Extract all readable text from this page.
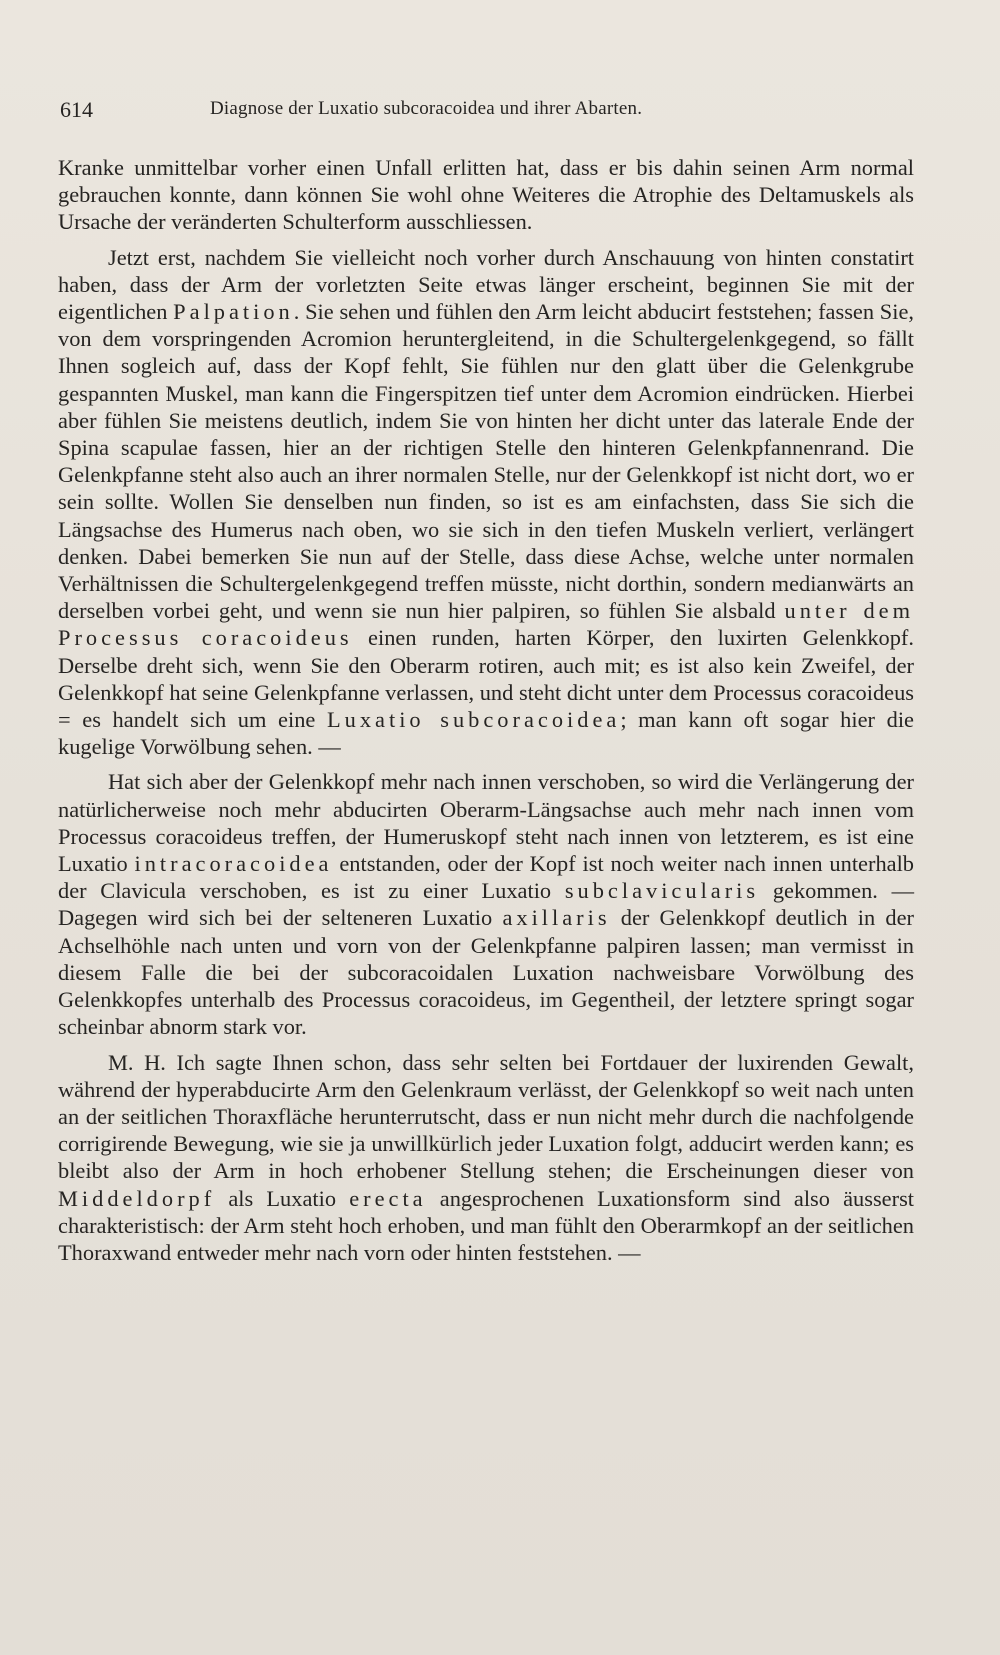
614	Diagnose der Luxatio subcoracoidea und ihrer Abarten.

Kranke unmittelbar vorher einen Unfall erlitten hat, dass er bis dahin seinen Arm normal gebrauchen konnte, dann können Sie wohl ohne Weiteres die Atrophie des Deltamuskels als Ursache der veränderten Schulterform ausschliessen.

Jetzt erst, nachdem Sie vielleicht noch vorher durch Anschauung von hinten constatirt haben, dass der Arm der vorletzten Seite etwas länger erscheint, beginnen Sie mit der eigentlichen Palpation. Sie sehen und fühlen den Arm leicht abducirt feststehen; fassen Sie, von dem vorspringenden Acromion heruntergleitend, in die Schultergelenkgegend, so fällt Ihnen sogleich auf, dass der Kopf fehlt, Sie fühlen nur den glatt über die Gelenkgrube gespannten Muskel, man kann die Fingerspitzen tief unter dem Acromion eindrücken. Hierbei aber fühlen Sie meistens deutlich, indem Sie von hinten her dicht unter das laterale Ende der Spina scapulae fassen, hier an der richtigen Stelle den hinteren Gelenkpfannenrand. Die Gelenkpfanne steht also auch an ihrer normalen Stelle, nur der Gelenkkopf ist nicht dort, wo er sein sollte. Wollen Sie denselben nun finden, so ist es am einfachsten, dass Sie sich die Längsachse des Humerus nach oben, wo sie sich in den tiefen Muskeln verliert, verlängert denken. Dabei bemerken Sie nun auf der Stelle, dass diese Achse, welche unter normalen Verhältnissen die Schultergelenkgegend treffen müsste, nicht dorthin, sondern medianwärts an derselben vorbei geht, und wenn sie nun hier palpiren, so fühlen Sie alsbald unter dem Processus coracoideus einen runden, harten Körper, den luxirten Gelenkkopf. Derselbe dreht sich, wenn Sie den Oberarm rotiren, auch mit; es ist also kein Zweifel, der Gelenkkopf hat seine Gelenkpfanne verlassen, und steht dicht unter dem Processus coracoideus = es handelt sich um eine Luxatio subcoracoidea; man kann oft sogar hier die kugelige Vorwölbung sehen. —

Hat sich aber der Gelenkkopf mehr nach innen verschoben, so wird die Verlängerung der natürlicherweise noch mehr abducirten Oberarm-Längsachse auch mehr nach innen vom Processus coracoideus treffen, der Humeruskopf steht nach innen von letzterem, es ist eine Luxatio intracoracoidea entstanden, oder der Kopf ist noch weiter nach innen unterhalb der Clavicula verschoben, es ist zu einer Luxatio subclavicularis gekommen. — Dagegen wird sich bei der selteneren Luxatio axillaris der Gelenkkopf deutlich in der Achselhöhle nach unten und vorn von der Gelenkpfanne palpiren lassen; man vermisst in diesem Falle die bei der subcoracoidalen Luxation nachweisbare Vorwölbung des Gelenkkopfes unterhalb des Processus coracoideus, im Gegentheil, der letztere springt sogar scheinbar abnorm stark vor.

M. H. Ich sagte Ihnen schon, dass sehr selten bei Fortdauer der luxirenden Gewalt, während der hyperabducirte Arm den Gelenkraum verlässt, der Gelenkkopf so weit nach unten an der seitlichen Thoraxfläche herunterrutscht, dass er nun nicht mehr durch die nachfolgende corrigirende Bewegung, wie sie ja unwillkürlich jeder Luxation folgt, adducirt werden kann; es bleibt also der Arm in hoch erhobener Stellung stehen; die Erscheinungen dieser von Middeldorpf als Luxatio erecta angesprochenen Luxationsform sind also äusserst charakteristisch: der Arm steht hoch erhoben, und man fühlt den Oberarmkopf an der seitlichen Thoraxwand entweder mehr nach vorn oder hinten feststehen. —
